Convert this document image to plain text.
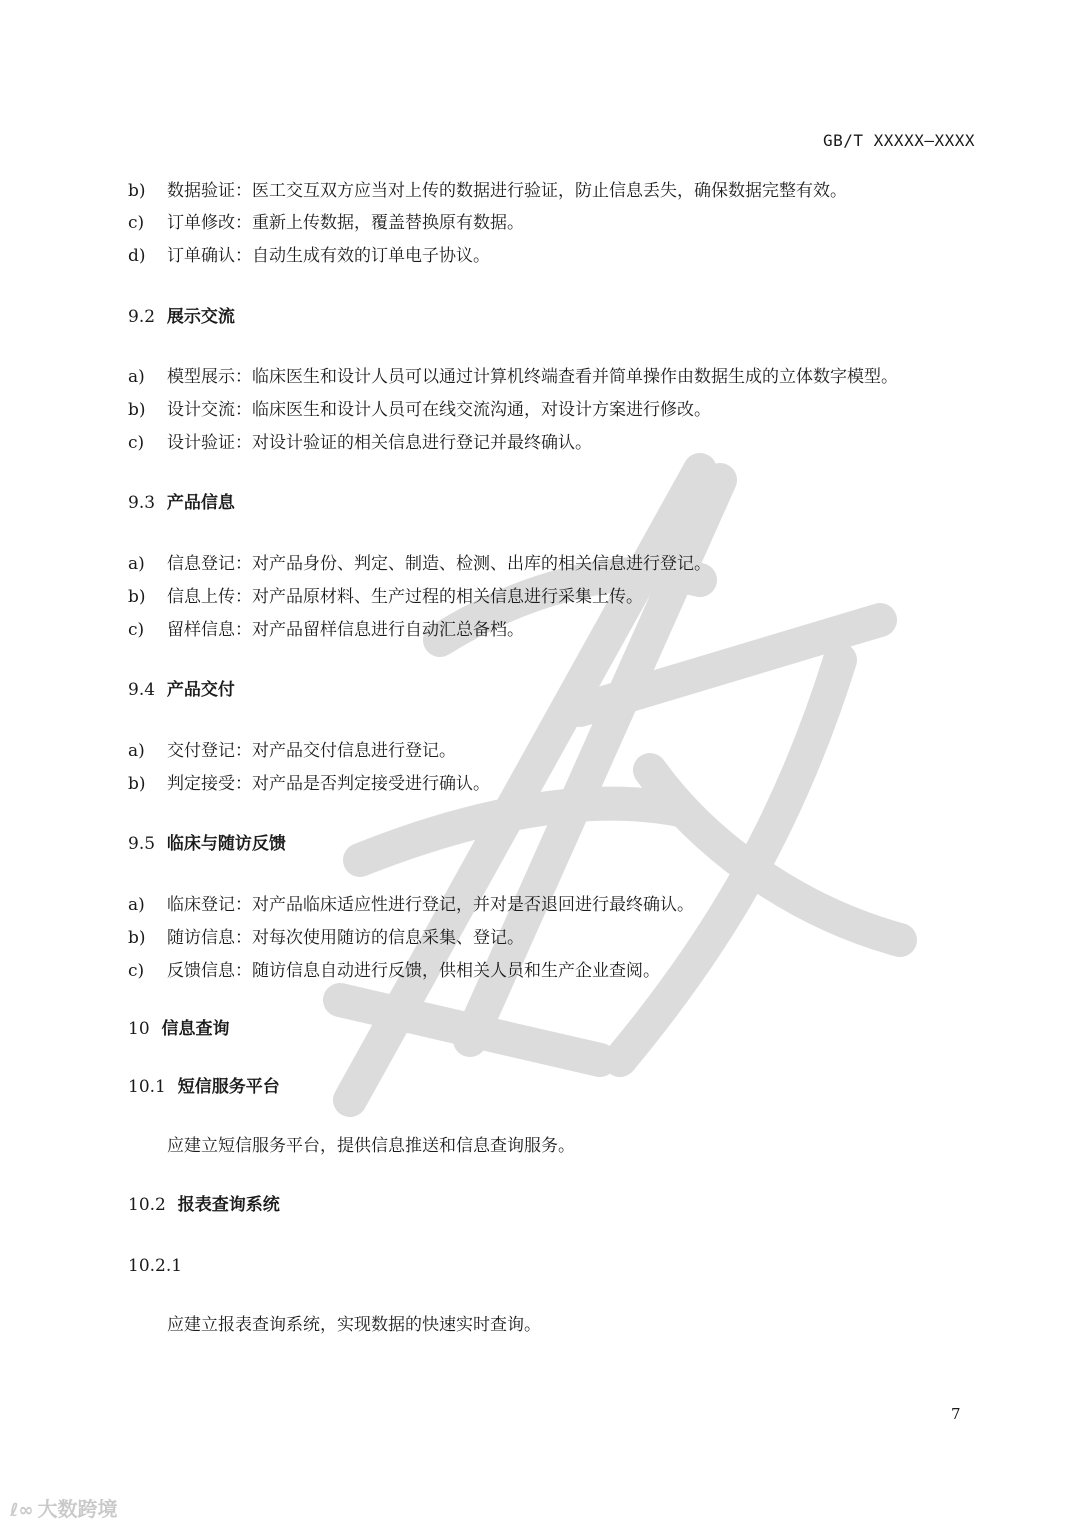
GB/T XXXXX—XXXX
b) 数据验证：医工交互双方应当对上传的数据进行验证，防止信息丢失，确保数据完整有效。
c) 订单修改：重新上传数据，覆盖替换原有数据。
d) 订单确认：自动生成有效的订单电子协议。
9.2 展示交流
a) 模型展示：临床医生和设计人员可以通过计算机终端查看并简单操作由数据生成的立体数字模型。
b) 设计交流：临床医生和设计人员可在线交流沟通，对设计方案进行修改。
c) 设计验证：对设计验证的相关信息进行登记并最终确认。
9.3 产品信息
a) 信息登记：对产品身份、判定、制造、检测、出库的相关信息进行登记。
b) 信息上传：对产品原材料、生产过程的相关信息进行采集上传。
c) 留样信息：对产品留样信息进行自动汇总备档。
9.4 产品交付
a) 交付登记：对产品交付信息进行登记。
b) 判定接受：对产品是否判定接受进行确认。
9.5 临床与随访反馈
a) 临床登记：对产品临床适应性进行登记，并对是否退回进行最终确认。
b) 随访信息：对每次使用随访的信息采集、登记。
c) 反馈信息：随访信息自动进行反馈，供相关人员和生产企业查阅。
10 信息查询
10.1 短信服务平台
应建立短信服务平台，提供信息推送和信息查询服务。
10.2 报表查询系统
10.2.1
应建立报表查询系统，实现数据的快速实时查询。
7
ℓ∞ 大数跨境
